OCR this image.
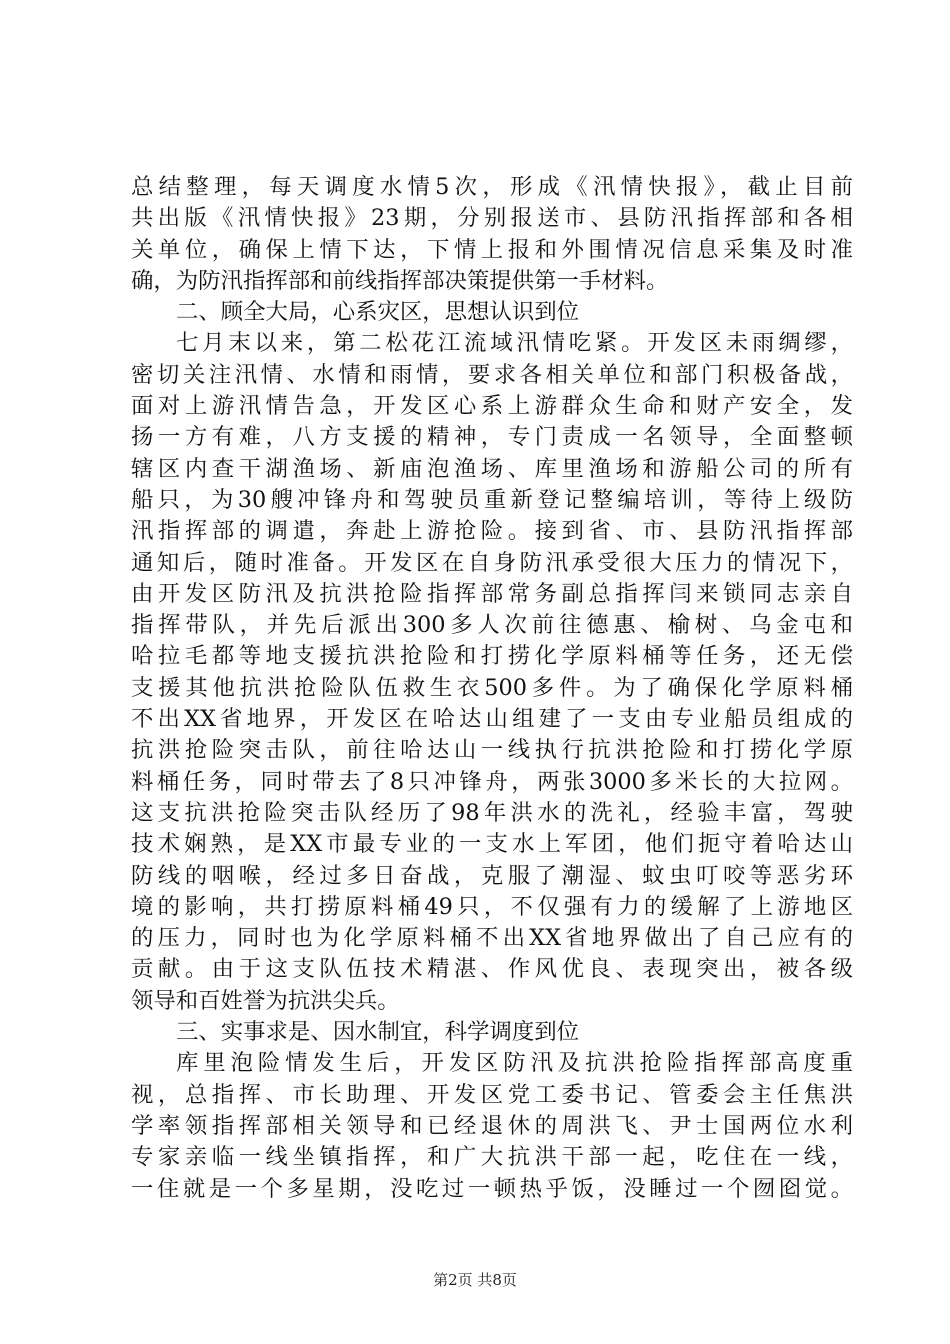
总结整理，每天调度水情5次，形成《汛情快报》，截止目前
共出版《汛情快报》23期，分别报送市、县防汛指挥部和各相
关单位，确保上情下达，下情上报和外围情况信息采集及时准
确，为防汛指挥部和前线指挥部决策提供第一手材料。
二、顾全大局，心系灾区，思想认识到位
七月末以来，第二松花江流域汛情吃紧。开发区未雨绸缪，
密切关注汛情、水情和雨情，要求各相关单位和部门积极备战，
面对上游汛情告急，开发区心系上游群众生命和财产安全，发
扬一方有难，八方支援的精神，专门责成一名领导，全面整顿
辖区内查干湖渔场、新庙泡渔场、库里渔场和游船公司的所有
船只，为30艘冲锋舟和驾驶员重新登记整编培训，等待上级防
汛指挥部的调遣，奔赴上游抢险。接到省、市、县防汛指挥部
通知后，随时准备。开发区在自身防汛承受很大压力的情况下，
由开发区防汛及抗洪抢险指挥部常务副总指挥闫来锁同志亲自
指挥带队，并先后派出300多人次前往德惠、榆树、乌金屯和
哈拉毛都等地支援抗洪抢险和打捞化学原料桶等任务，还无偿
支援其他抗洪抢险队伍救生衣500多件。为了确保化学原料桶
不出XX省地界，开发区在哈达山组建了一支由专业船员组成的
抗洪抢险突击队，前往哈达山一线执行抗洪抢险和打捞化学原
料桶任务，同时带去了8只冲锋舟，两张3000多米长的大拉网。
这支抗洪抢险突击队经历了98年洪水的洗礼，经验丰富，驾驶
技术娴熟，是XX市最专业的一支水上军团，他们扼守着哈达山
防线的咽喉，经过多日奋战，克服了潮湿、蚊虫叮咬等恶劣环
境的影响，共打捞原料桶49只，不仅强有力的缓解了上游地区
的压力，同时也为化学原料桶不出XX省地界做出了自己应有的
贡献。由于这支队伍技术精湛、作风优良、表现突出，被各级
领导和百姓誉为抗洪尖兵。
三、实事求是、因水制宜，科学调度到位
库里泡险情发生后，开发区防汛及抗洪抢险指挥部高度重
视，总指挥、市长助理、开发区党工委书记、管委会主任焦洪
学率领指挥部相关领导和已经退休的周洪飞、尹士国两位水利
专家亲临一线坐镇指挥，和广大抗洪干部一起，吃住在一线，
一住就是一个多星期，没吃过一顿热乎饭，没睡过一个囫囵觉。
第2页 共8页
